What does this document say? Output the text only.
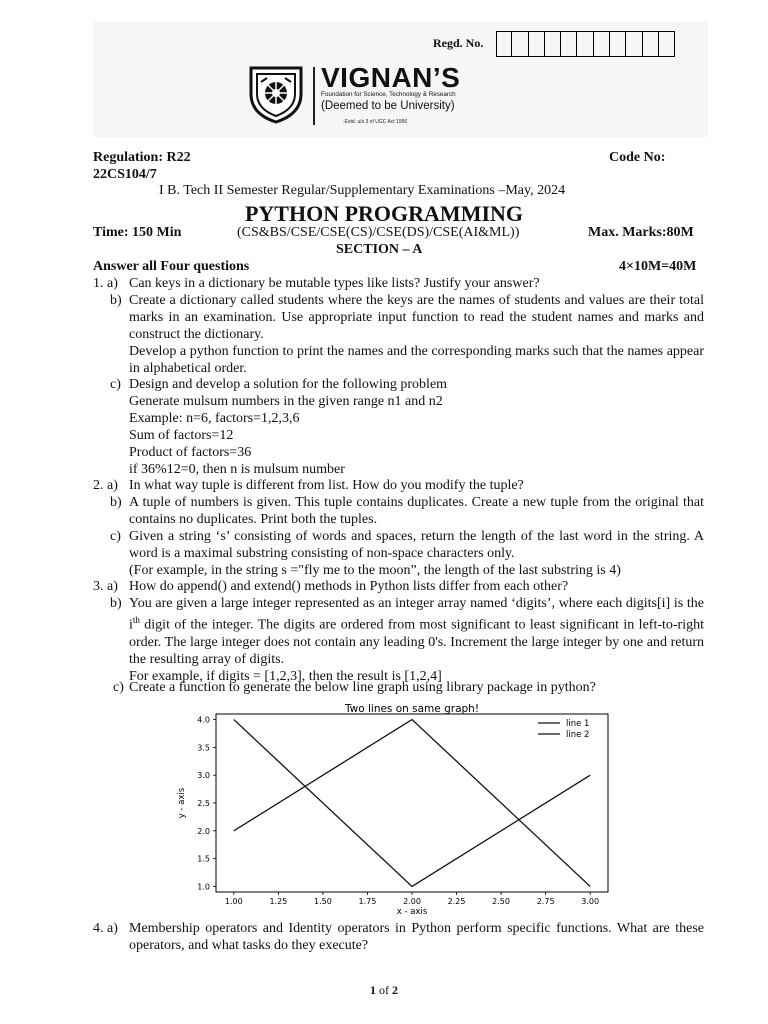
Regd. No.
VIGNAN’S
Foundation for Science, Technology & Research
(Deemed to be University)
-Estd. u/s 3 of UGC Act 1956
Regulation: R22	Code No:
22CS104/7
I B. Tech II Semester Regular/Supplementary Examinations –May, 2024
PYTHON PROGRAMMING
Time: 150 Min	(CS&BS/CSE/CSE(CS)/CSE(DS)/CSE(AI&ML))	Max. Marks:80M
SECTION – A
Answer all Four questions	4×10M=40M
1. a) Can keys in a dictionary be mutable types like lists? Justify your answer?
b) Create a dictionary called students where the keys are the names of students and values are their total marks in an examination. Use appropriate input function to read the student names and marks and construct the dictionary.
Develop a python function to print the names and the corresponding marks such that the names appear in alphabetical order.
c) Design and develop a solution for the following problem
Generate mulsum numbers in the given range n1 and n2
Example: n=6, factors=1,2,3,6
Sum of factors=12
Product of factors=36
if 36%12=0, then n is mulsum number
2. a) In what way tuple is different from list. How do you modify the tuple?
b) A tuple of numbers is given. This tuple contains duplicates. Create a new tuple from the original that contains no duplicates. Print both the tuples.
c) Given a string ‘s’ consisting of words and spaces, return the length of the last word in the string. A word is a maximal substring consisting of non-space characters only.
(For example, in the string s ="fly me to the moon”, the length of the last substring is 4)
3. a) How do append() and extend() methods in Python lists differ from each other?
b) You are given a large integer represented as an integer array named ‘digits’, where each digits[i] is the $i^{th}$ digit of the integer. The digits are ordered from most significant to least significant in left-to-right order. The large integer does not contain any leading 0's. Increment the large integer by one and return the resulting array of digits.
For example, if digits = [1,2,3], then the result is [1,2,4]
c) Create a function to generate the below line graph using library package in python?
Two lines on same graph!
1.00	1.25	1.50	1.75	2.00	2.25	2.50	2.75	3.00
1.0
1.5
2.0
2.5
3.0
3.5
4.0
x - axis
y - axis
line 1
line 2
4. a) Membership operators and Identity operators in Python perform specific functions. What are these operators, and what tasks do they execute?
1 of 2
